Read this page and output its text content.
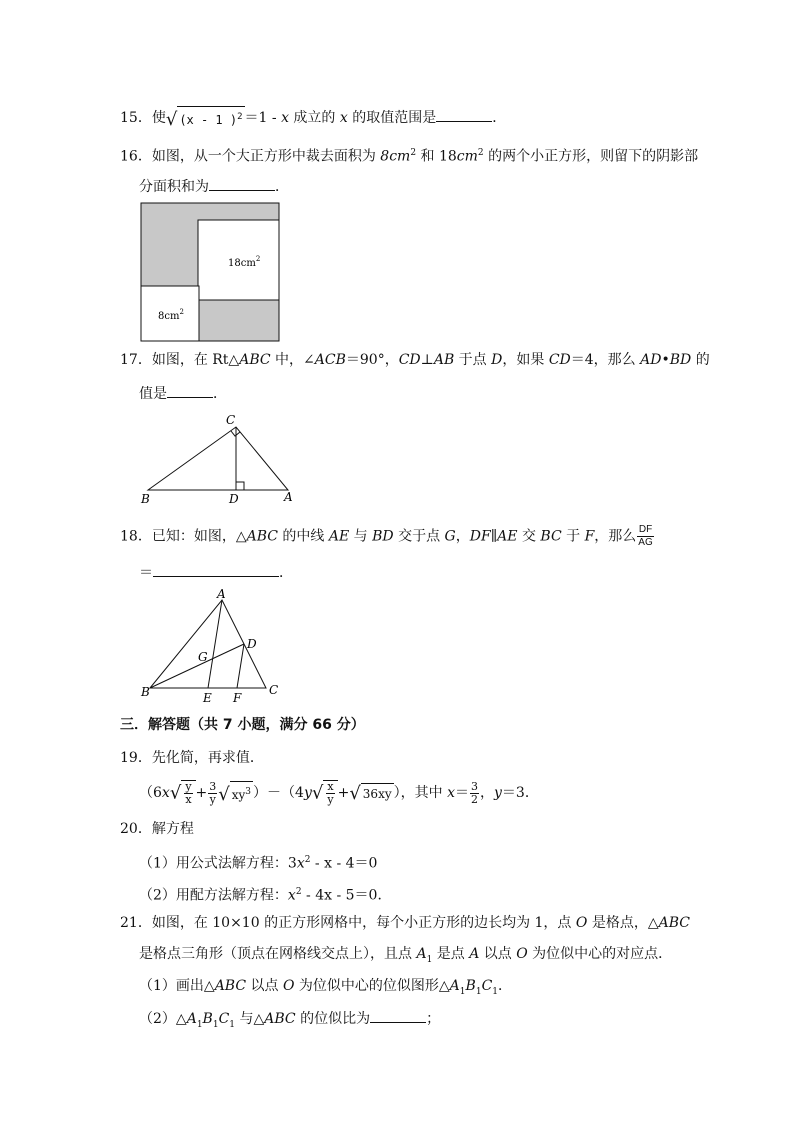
15．使√ (x - 1 )$^2$ ＝1 - x 成立的 x 的取值范围是	．
16．如图，从一个大正方形中裁去面积为 $8cm^2$ 和 $18cm^2$ 的两个小正方形，则留下的阴影部
分面积和为	．
$18cm^2$
$8cm^2$
17．如图，在 Rt△ABC 中，∠ACB＝90°，CD⊥AB 于点 D，如果 CD＝4，那么 AD•BD 的
值是	．
C
B	D	A
18．已知：如图，△ABC 的中线 AE 与 BD 交于点 G，DF∥AE 交 BC 于 F，那么 $\frac{DF}{AG}$
＝	．
A
B	C
D
E F
G
三．解答题（共 7 小题，满分 66 分）
19．先化简，再求值．
（$6x√ \frac{y}{x} + \frac{3}{y}$ √ $xy^3$ ）$-(4y√ \frac{x}{y}$ +√ 36xy ），其中 $x= \frac{3}{2}$ ，y＝3．
20．解方程
（1）用公式法解方程：$3x^2 - x - 4=0$
（2）用配方法解方程：$x^2 - 4x - 5=0$．
21．如图，在 10×10 的正方形网格中，每个小正方形的边长均为 1，点 O 是格点，△ABC
是格点三角形（顶点在网格线交点上），且点 $A_1$ 是点 A 以点 O 为位似中心的对应点．
（1）画出△ABC 以点 O 为位似中心的位似图形$\triangle A_1B_1C_1$．
$(2)\triangle A_1B_1C_1$ 与△ABC 的位似比为	；
